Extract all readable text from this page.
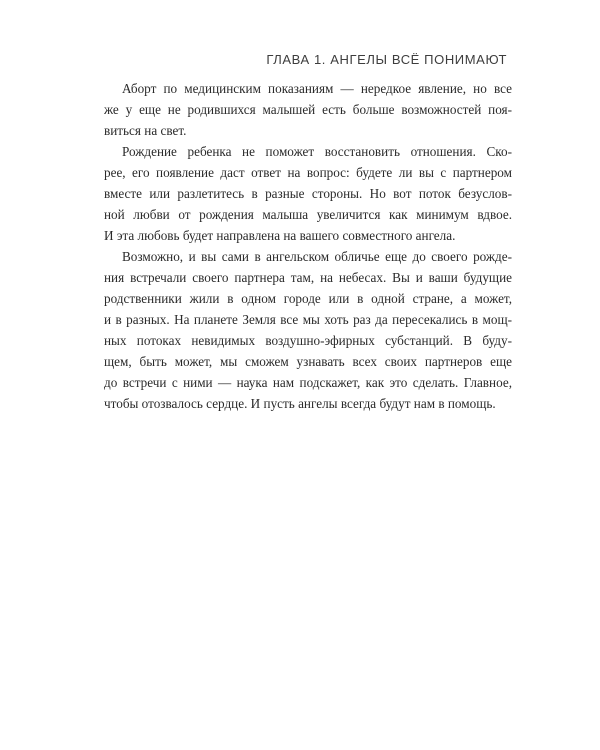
ГЛАВА 1. АНГЕЛЫ ВСЁ ПОНИМАЮТ

Аборт по медицинским показаниям — нередкое явление, но все
же у еще не родившихся малышей есть больше возможностей поя-
виться на свет.

Рождение ребенка не поможет восстановить отношения. Ско-
рее, его появление даст ответ на вопрос: будете ли вы с партнером
вместе или разлетитесь в разные стороны. Но вот поток безуслов-
ной любви от рождения малыша увеличится как минимум вдвое.
И эта любовь будет направлена на вашего совместного ангела.

Возможно, и вы сами в ангельском обличье еще до своего рожде-
ния встречали своего партнера там, на небесах. Вы и ваши будущие
родственники жили в одном городе или в одной стране, а может,
и в разных. На планете Земля все мы хоть раз да пересекались в мощ-
ных потоках невидимых воздушно-эфирных субстанций. В буду-
щем, быть может, мы сможем узнавать всех своих партнеров еще
до встречи с ними — наука нам подскажет, как это сделать. Главное,
чтобы отозвалось сердце. И пусть ангелы всегда будут нам в помощь.
